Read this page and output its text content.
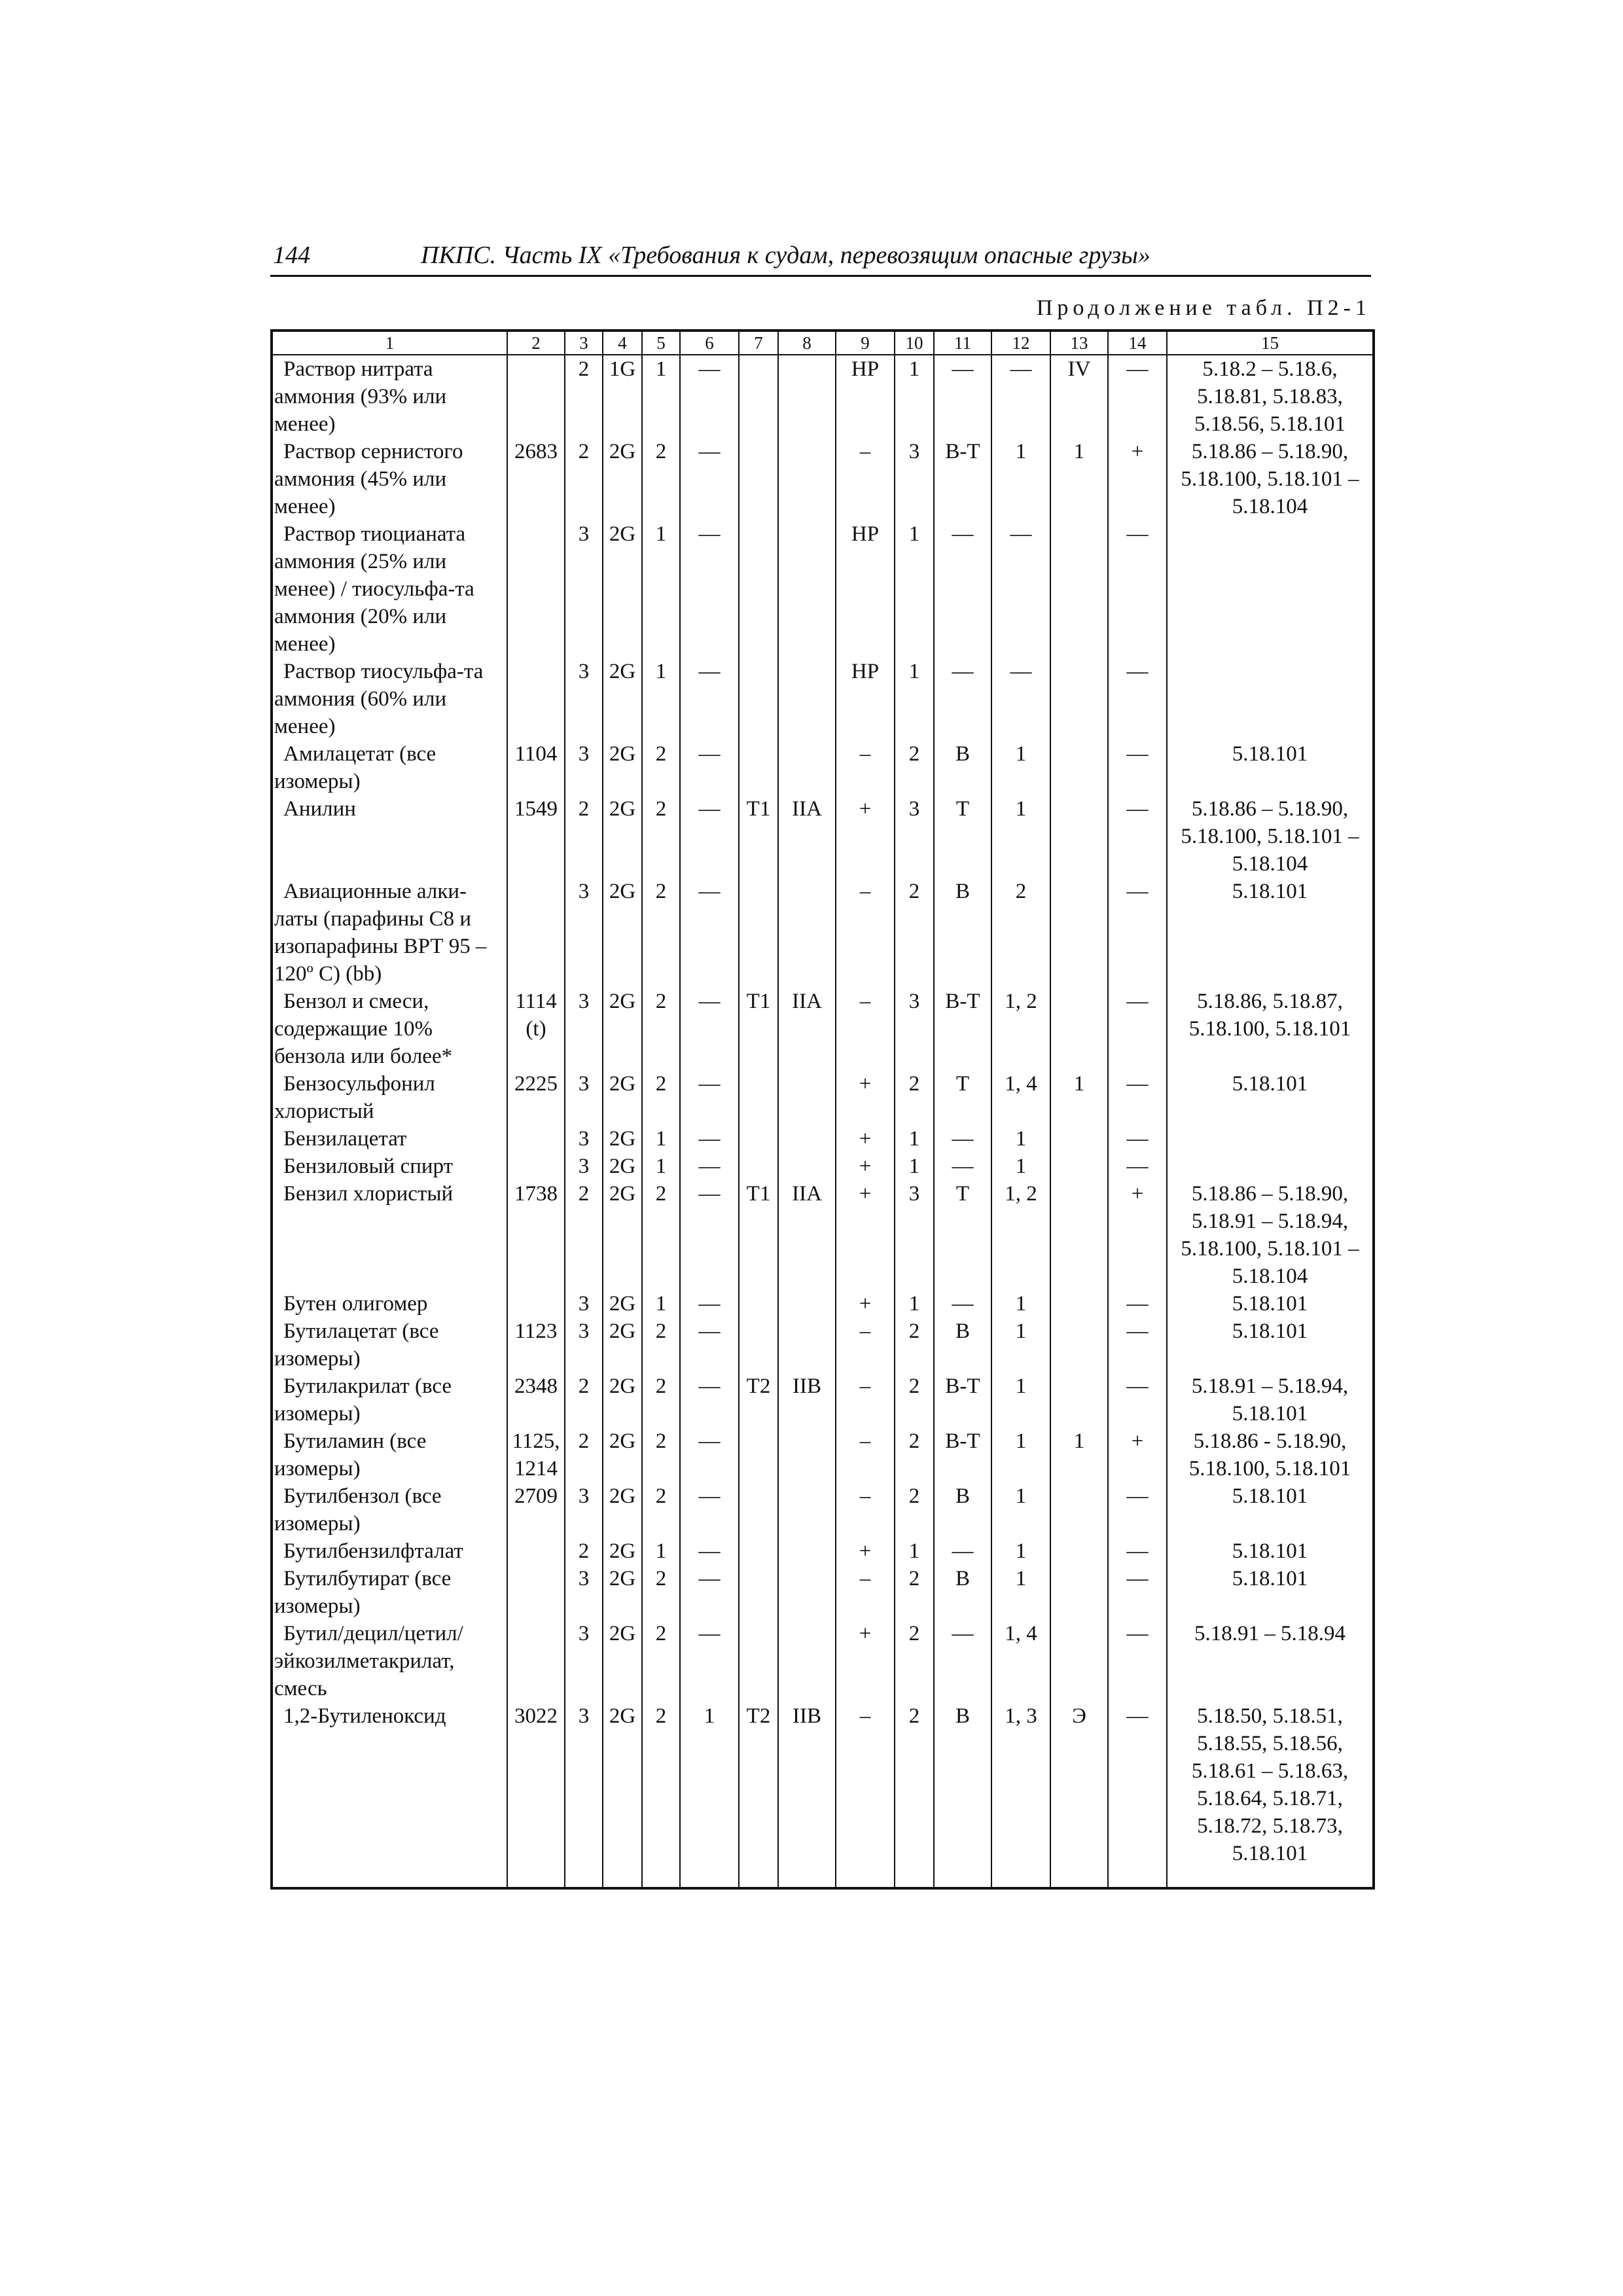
144	ПКПС. Часть IX «Требования к судам, перевозящим опасные грузы»
Продолжение табл. П2-1
1	2	3	4	5	6	7	8	9	10	11	12	13	14	15

Раствор нитрата аммония (93% или менее)		2	1G	1	—			НР	1	—	—	IV	—	5.18.2 – 5.18.6, 5.18.81, 5.18.83, 5.18.56, 5.18.101

Раствор сернистого аммония (45% или менее)	2683	2	2G	2	—			–	3	В-Т	1	1	+	5.18.86 – 5.18.90, 5.18.100, 5.18.101 – 5.18.104

Раствор тиоцианата аммония (25% или менее) / тиосульфа-та аммония (20% или менее)		3	2G	1	—			НР	1	—	—		—	

Раствор тиосульфа-та аммония (60% или менее)		3	2G	1	—			НР	1	—	—		—	

Амилацетат (все изомеры)	1104	3	2G	2	—			–	2	В	1		—	5.18.101

Анилин	1549	2	2G	2	—	T1	IIA	+	3	Т	1		—	5.18.86 – 5.18.90, 5.18.100, 5.18.101 – 5.18.104

Авиационные алки-латы (парафины C8 и изопарафины ВРТ 95 – 120º C) (bb)		3	2G	2	—			–	2	В	2		—	5.18.101

Бензол и смеси, содержащие 10% бензола или более*	1114 (t)	3	2G	2	—	T1	IIA	–	3	В-Т	1, 2		—	5.18.86, 5.18.87, 5.18.100, 5.18.101

Бензосульфонил хлористый	2225	3	2G	2	—			+	2	Т	1, 4	1	—	5.18.101

Бензилацетат		3	2G	1	—			+	1	—	1		—	

Бензиловый спирт		3	2G	1	—			+	1	—	1		—	

Бензил хлористый	1738	2	2G	2	—	T1	IIA	+	3	Т	1, 2		+	5.18.86 – 5.18.90, 5.18.91 – 5.18.94, 5.18.100, 5.18.101 – 5.18.104

Бутен олигомер		3	2G	1	—			+	1	—	1		—	5.18.101

Бутилацетат (все изомеры)	1123	3	2G	2	—			–	2	В	1		—	5.18.101

Бутилакрилат (все изомеры)	2348	2	2G	2	—	T2	IIB	–	2	В-Т	1		—	5.18.91 – 5.18.94, 5.18.101

Бутиламин (все изомеры)	1125, 1214	2	2G	2	—			–	2	В-Т	1	1	+	5.18.86 - 5.18.90, 5.18.100, 5.18.101

Бутилбензол (все изомеры)	2709	3	2G	2	—			–	2	В	1		—	5.18.101

Бутилбензилфталат		2	2G	1	—			+	1	—	1		—	5.18.101

Бутилбутират (все изомеры)		3	2G	2	—			–	2	В	1		—	5.18.101

Бутил/децил/цетил/ эйкозилметакрилат, смесь		3	2G	2	—			+	2	—	1, 4		—	5.18.91 – 5.18.94

1,2-Бутиленоксид	3022	3	2G	2	1	T2	IIB	–	2	В	1, 3	Э	—	5.18.50, 5.18.51, 5.18.55, 5.18.56, 5.18.61 – 5.18.63, 5.18.64, 5.18.71, 5.18.72, 5.18.73, 5.18.101
